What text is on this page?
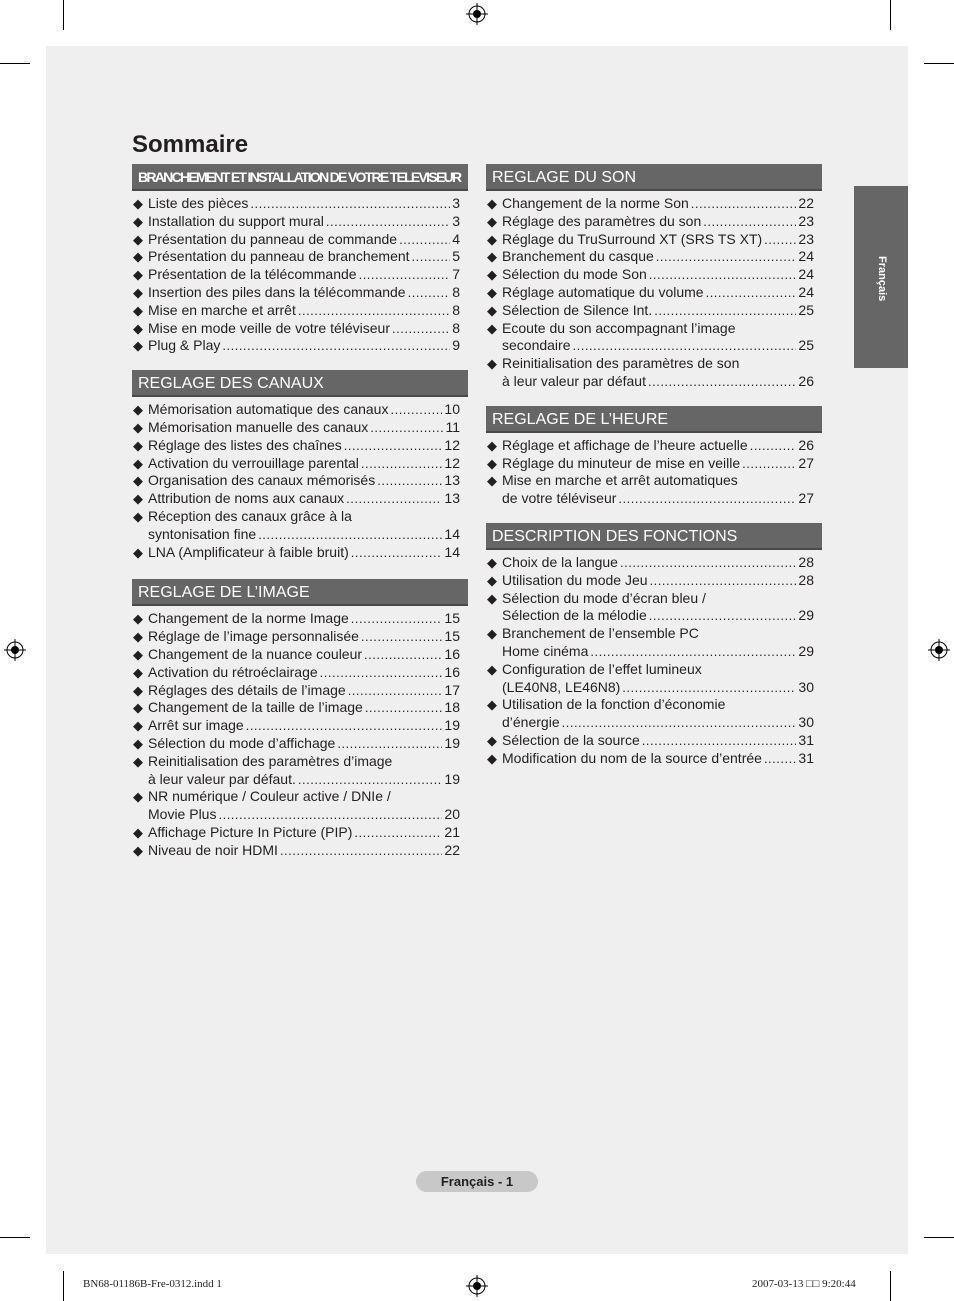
Sommaire
BRANCHEMENT ET INSTALLATION DE VOTRE TELEVISEUR
◆ Liste des pièces .....	3
◆ Installation du support mural .....	3
◆ Présentation du panneau de commande .....	4
◆ Présentation du panneau de branchement .....	5
◆ Présentation de la télécommande .....	7
◆ Insertion des piles dans la télécommande .....	8
◆ Mise en marche et arrêt .....	8
◆ Mise en mode veille de votre téléviseur .....	8
◆ Plug & Play .....	9
REGLAGE DES CANAUX
◆ Mémorisation automatique des canaux .....	10
◆ Mémorisation manuelle des canaux .....	11
◆ Réglage des listes des chaînes .....	12
◆ Activation du verrouillage parental .....	12
◆ Organisation des canaux mémorisés .....	13
◆ Attribution de noms aux canaux .....	13
◆ Réception des canaux grâce à la
syntonisation fine .....	14
◆ LNA (Amplificateur à faible bruit) .....	14
REGLAGE DE L’IMAGE
◆ Changement de la norme Image .....	15
◆ Réglage de l’image personnalisée .....	15
◆ Changement de la nuance couleur .....	16
◆ Activation du rétroéclairage .....	16
◆ Réglages des détails de l’image .....	17
◆ Changement de la taille de l’image .....	18
◆ Arrêt sur image .....	19
◆ Sélection du mode d’affichage .....	19
◆ Reinitialisation des paramètres d’image
à leur valeur par défaut. .....	19
◆ NR numérique / Couleur active / DNIe /
Movie Plus .....	20
◆ Affichage Picture In Picture (PIP) .....	21
◆ Niveau de noir HDMI .....	22
REGLAGE DU SON
◆ Changement de la norme Son .....	22
◆ Réglage des paramètres du son .....	23
◆ Réglage du TruSurround XT (SRS TS XT) .....	23
◆ Branchement du casque .....	24
◆ Sélection du mode Son .....	24
◆ Réglage automatique du volume .....	24
◆ Sélection de Silence Int. .....	25
◆ Ecoute du son accompagnant l’image
secondaire .....	25
◆ Reinitialisation des paramètres de son
à leur valeur par défaut .....	26
REGLAGE DE L’HEURE
◆ Réglage et affichage de l’heure actuelle .....	26
◆ Réglage du minuteur de mise en veille .....	27
◆ Mise en marche et arrêt automatiques
de votre téléviseur .....	27
DESCRIPTION DES FONCTIONS
◆ Choix de la langue .....	28
◆ Utilisation du mode Jeu .....	28
◆ Sélection du mode d’écran bleu /
Sélection de la mélodie .....	29
◆ Branchement de l’ensemble PC
Home cinéma .....	29
◆ Configuration de l’effet lumineux
(LE40N8, LE46N8) .....	30
◆ Utilisation de la fonction d’économie
d’énergie .....	30
◆ Sélection de la source .....	31
◆ Modification du nom de la source d’entrée .....	31
Français
Français - 1
BN68-01186B-Fre-0312.indd 1	2007-03-13 □□ 9:20:44
